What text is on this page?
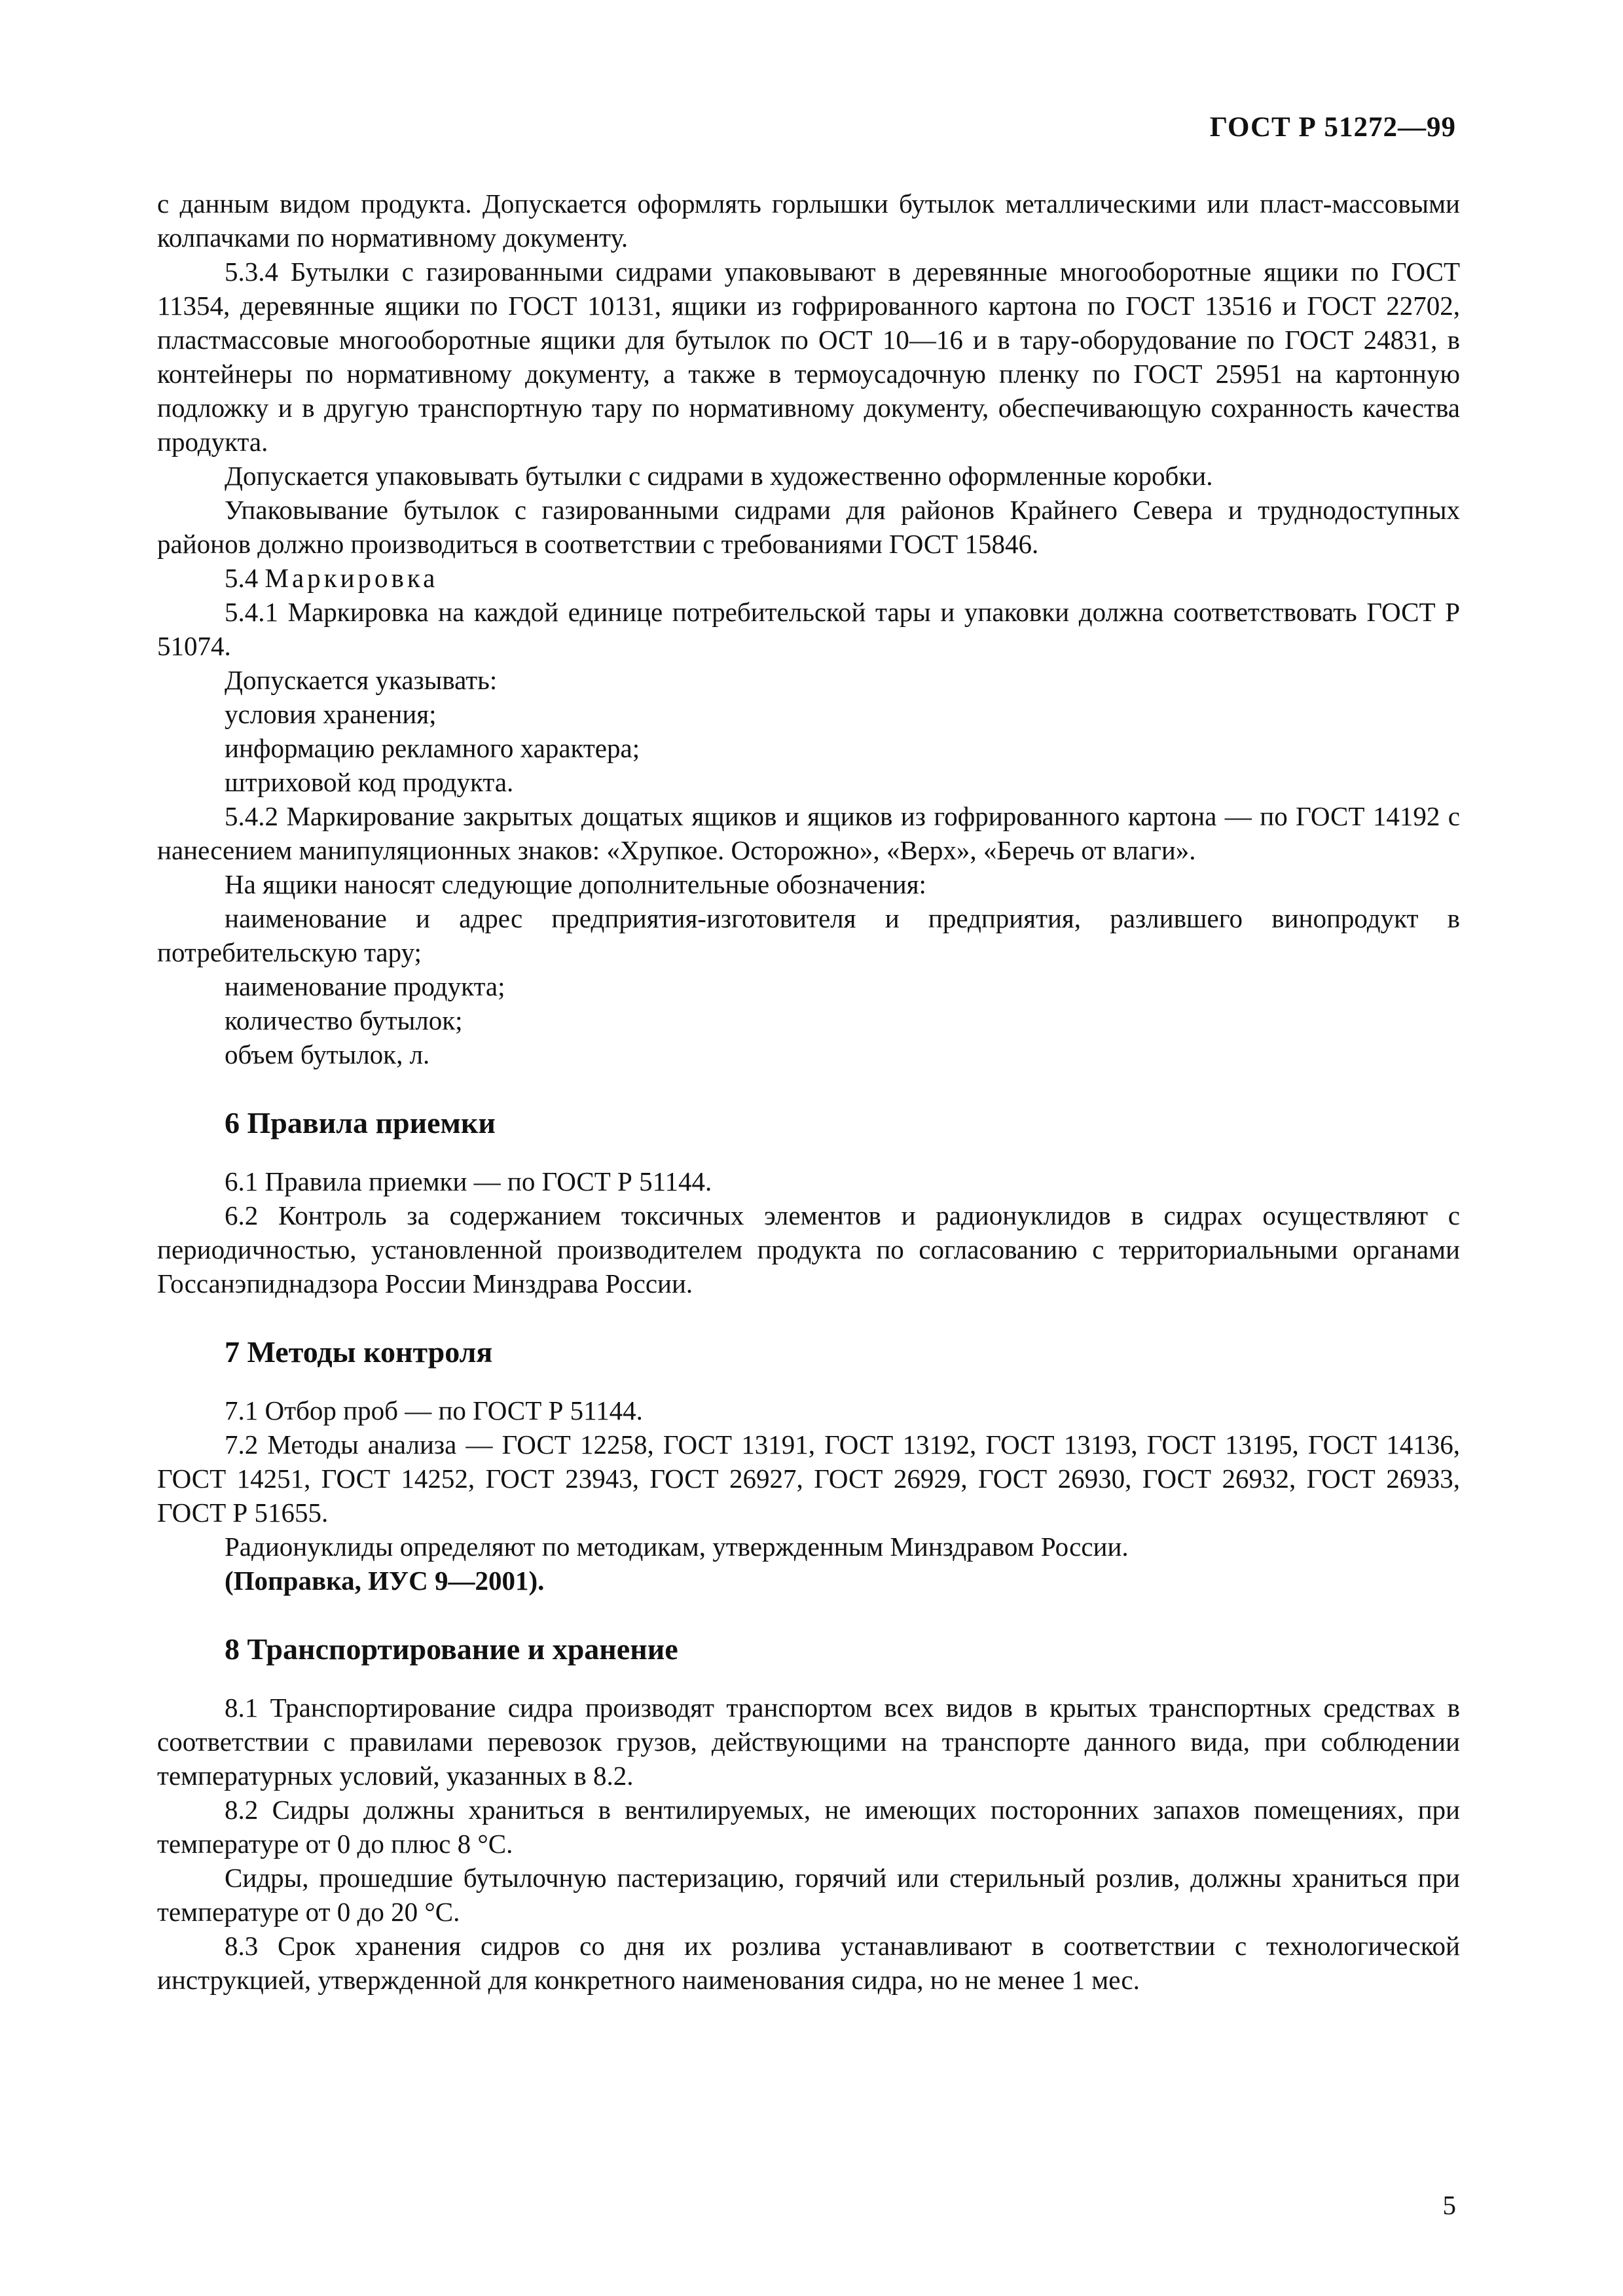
ГОСТ Р 51272—99

с данным видом продукта. Допускается оформлять горлышки бутылок металлическими или пласт-массовыми колпачками по нормативному документу.

5.3.4 Бутылки с газированными сидрами упаковывают в деревянные многооборотные ящики по ГОСТ 11354, деревянные ящики по ГОСТ 10131, ящики из гофрированного картона по ГОСТ 13516 и ГОСТ 22702, пластмассовые многооборотные ящики для бутылок по ОСТ 10—16 и в тару-оборудование по ГОСТ 24831, в контейнеры по нормативному документу, а также в термоусадочную пленку по ГОСТ 25951 на картонную подложку и в другую транспортную тару по нормативному документу, обеспечивающую сохранность качества продукта.

Допускается упаковывать бутылки с сидрами в художественно оформленные коробки.

Упаковывание бутылок с газированными сидрами для районов Крайнего Севера и труднодоступных районов должно производиться в соответствии с требованиями ГОСТ 15846.

5.4 Маркировка

5.4.1 Маркировка на каждой единице потребительской тары и упаковки должна соответствовать ГОСТ Р 51074.

Допускается указывать:

условия хранения;

информацию рекламного характера;

штриховой код продукта.

5.4.2 Маркирование закрытых дощатых ящиков и ящиков из гофрированного картона — по ГОСТ 14192 с нанесением манипуляционных знаков: «Хрупкое. Осторожно», «Верх», «Беречь от влаги».

На ящики наносят следующие дополнительные обозначения:

наименование и адрес предприятия-изготовителя и предприятия, разлившего винопродукт в потребительскую тару;

наименование продукта;

количество бутылок;

объем бутылок, л.

6 Правила приемки

6.1 Правила приемки — по ГОСТ Р 51144.

6.2 Контроль за содержанием токсичных элементов и радионуклидов в сидрах осуществляют с периодичностью, установленной производителем продукта по согласованию с территориальными органами Госсанэпиднадзора России Минздрава России.

7 Методы контроля

7.1 Отбор проб — по ГОСТ Р 51144.

7.2 Методы анализа — ГОСТ 12258, ГОСТ 13191, ГОСТ 13192, ГОСТ 13193, ГОСТ 13195, ГОСТ 14136, ГОСТ 14251, ГОСТ 14252, ГОСТ 23943, ГОСТ 26927, ГОСТ 26929, ГОСТ 26930, ГОСТ 26932, ГОСТ 26933, ГОСТ Р 51655.

Радионуклиды определяют по методикам, утвержденным Минздравом России.

(Поправка, ИУС 9—2001).

8 Транспортирование и хранение

8.1 Транспортирование сидра производят транспортом всех видов в крытых транспортных средствах в соответствии с правилами перевозок грузов, действующими на транспорте данного вида, при соблюдении температурных условий, указанных в 8.2.

8.2 Сидры должны храниться в вентилируемых, не имеющих посторонних запахов помещениях, при температуре от 0 до плюс 8 °С.

Сидры, прошедшие бутылочную пастеризацию, горячий или стерильный розлив, должны храниться при температуре от 0 до 20 °С.

8.3 Срок хранения сидров со дня их розлива устанавливают в соответствии с технологической инструкцией, утвержденной для конкретного наименования сидра, но не менее 1 мес.

5
